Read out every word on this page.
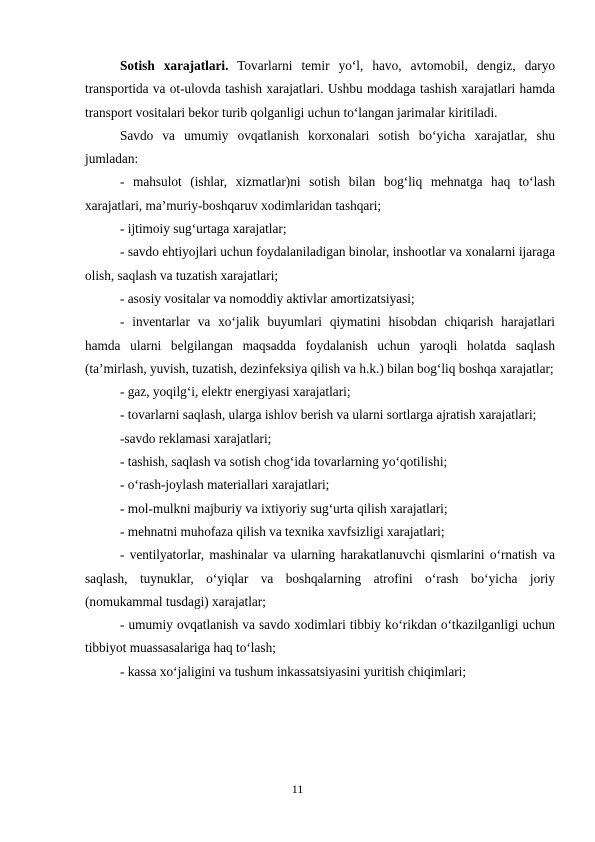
Sotish xarajatlari. Tovarlarni temir yo‘l, havo, avtomobil, dengiz, daryo transportida va ot-ulovda tashish xarajatlari. Ushbu moddaga tashish xarajatlari hamda transport vositalari bekor turib qolganligi uchun to‘langan jarimalar kiritiladi.

Savdo va umumiy ovqatlanish korxonalari sotish bo‘yicha xarajatlar, shu jumladan:

- mahsulot (ishlar, xizmatlar)ni sotish bilan bog‘liq mehnatga haq to‘lash xarajatlari, ma’muriy-boshqaruv xodimlaridan tashqari;

- ijtimoiy sug‘urtaga xarajatlar;

- savdo ehtiyojlari uchun foydalaniladigan binolar, inshootlar va xonalarni ijaraga olish, saqlash va tuzatish xarajatlari;

- asosiy vositalar va nomoddiy aktivlar amortizatsiyasi;

- inventarlar va xo‘jalik buyumlari qiymatini hisobdan chiqarish harajatlari hamda ularni belgilangan maqsadda foydalanish uchun yaroqli holatda saqlash (ta’mirlash, yuvish, tuzatish, dezinfeksiya qilish va h.k.) bilan bog‘liq boshqa xarajatlar;

- gaz, yoqilg‘i, elektr energiyasi xarajatlari;

- tovarlarni saqlash, ularga ishlov berish va ularni sortlarga ajratish xarajatlari;

-savdo reklamasi xarajatlari;

- tashish, saqlash va sotish chog‘ida tovarlarning yo‘qotilishi;

- o‘rash-joylash materiallari xarajatlari;

- mol-mulkni majburiy va ixtiyoriy sug‘urta qilish xarajatlari;

- mehnatni muhofaza qilish va texnika xavfsizligi xarajatlari;

- ventilyatorlar, mashinalar va ularning harakatlanuvchi qismlarini o‘rnatish va saqlash, tuynuklar, o‘yiqlar va boshqalarning atrofini o‘rash bo‘yicha joriy (nomukammal tusdagi) xarajatlar;

- umumiy ovqatlanish va savdo xodimlari tibbiy ko‘rikdan o‘tkazilganligi uchun tibbiyot muassasalariga haq to‘lash;

- kassa xo‘jaligini va tushum inkassatsiyasini yuritish chiqimlari;

11
